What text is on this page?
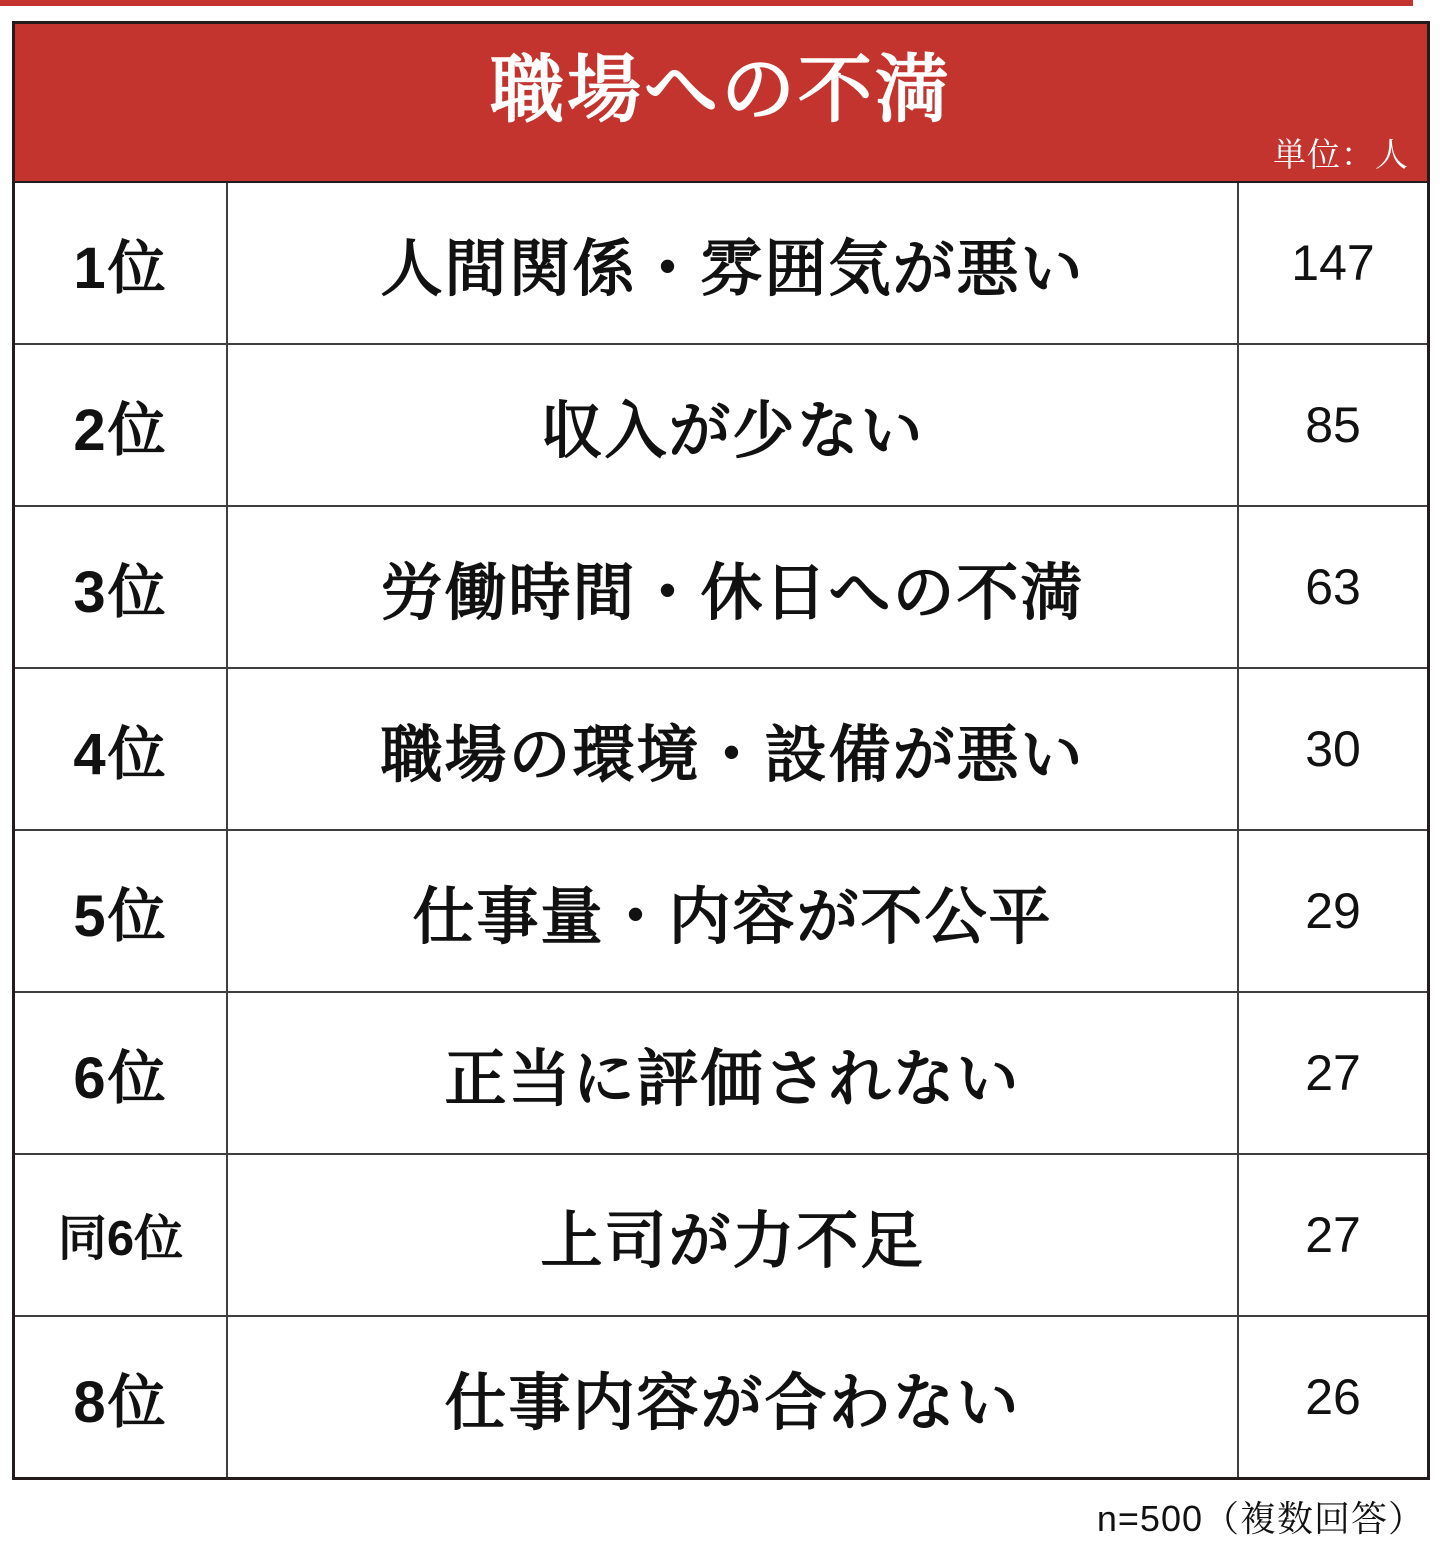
職場への不満
単位：人
1位	人間関係・雰囲気が悪い	147
2位	収入が少ない	85
3位	労働時間・休日への不満	63
4位	職場の環境・設備が悪い	30
5位	仕事量・内容が不公平	29
6位	正当に評価されない	27
同6位	上司が力不足	27
8位	仕事内容が合わない	26
n=500（複数回答）
